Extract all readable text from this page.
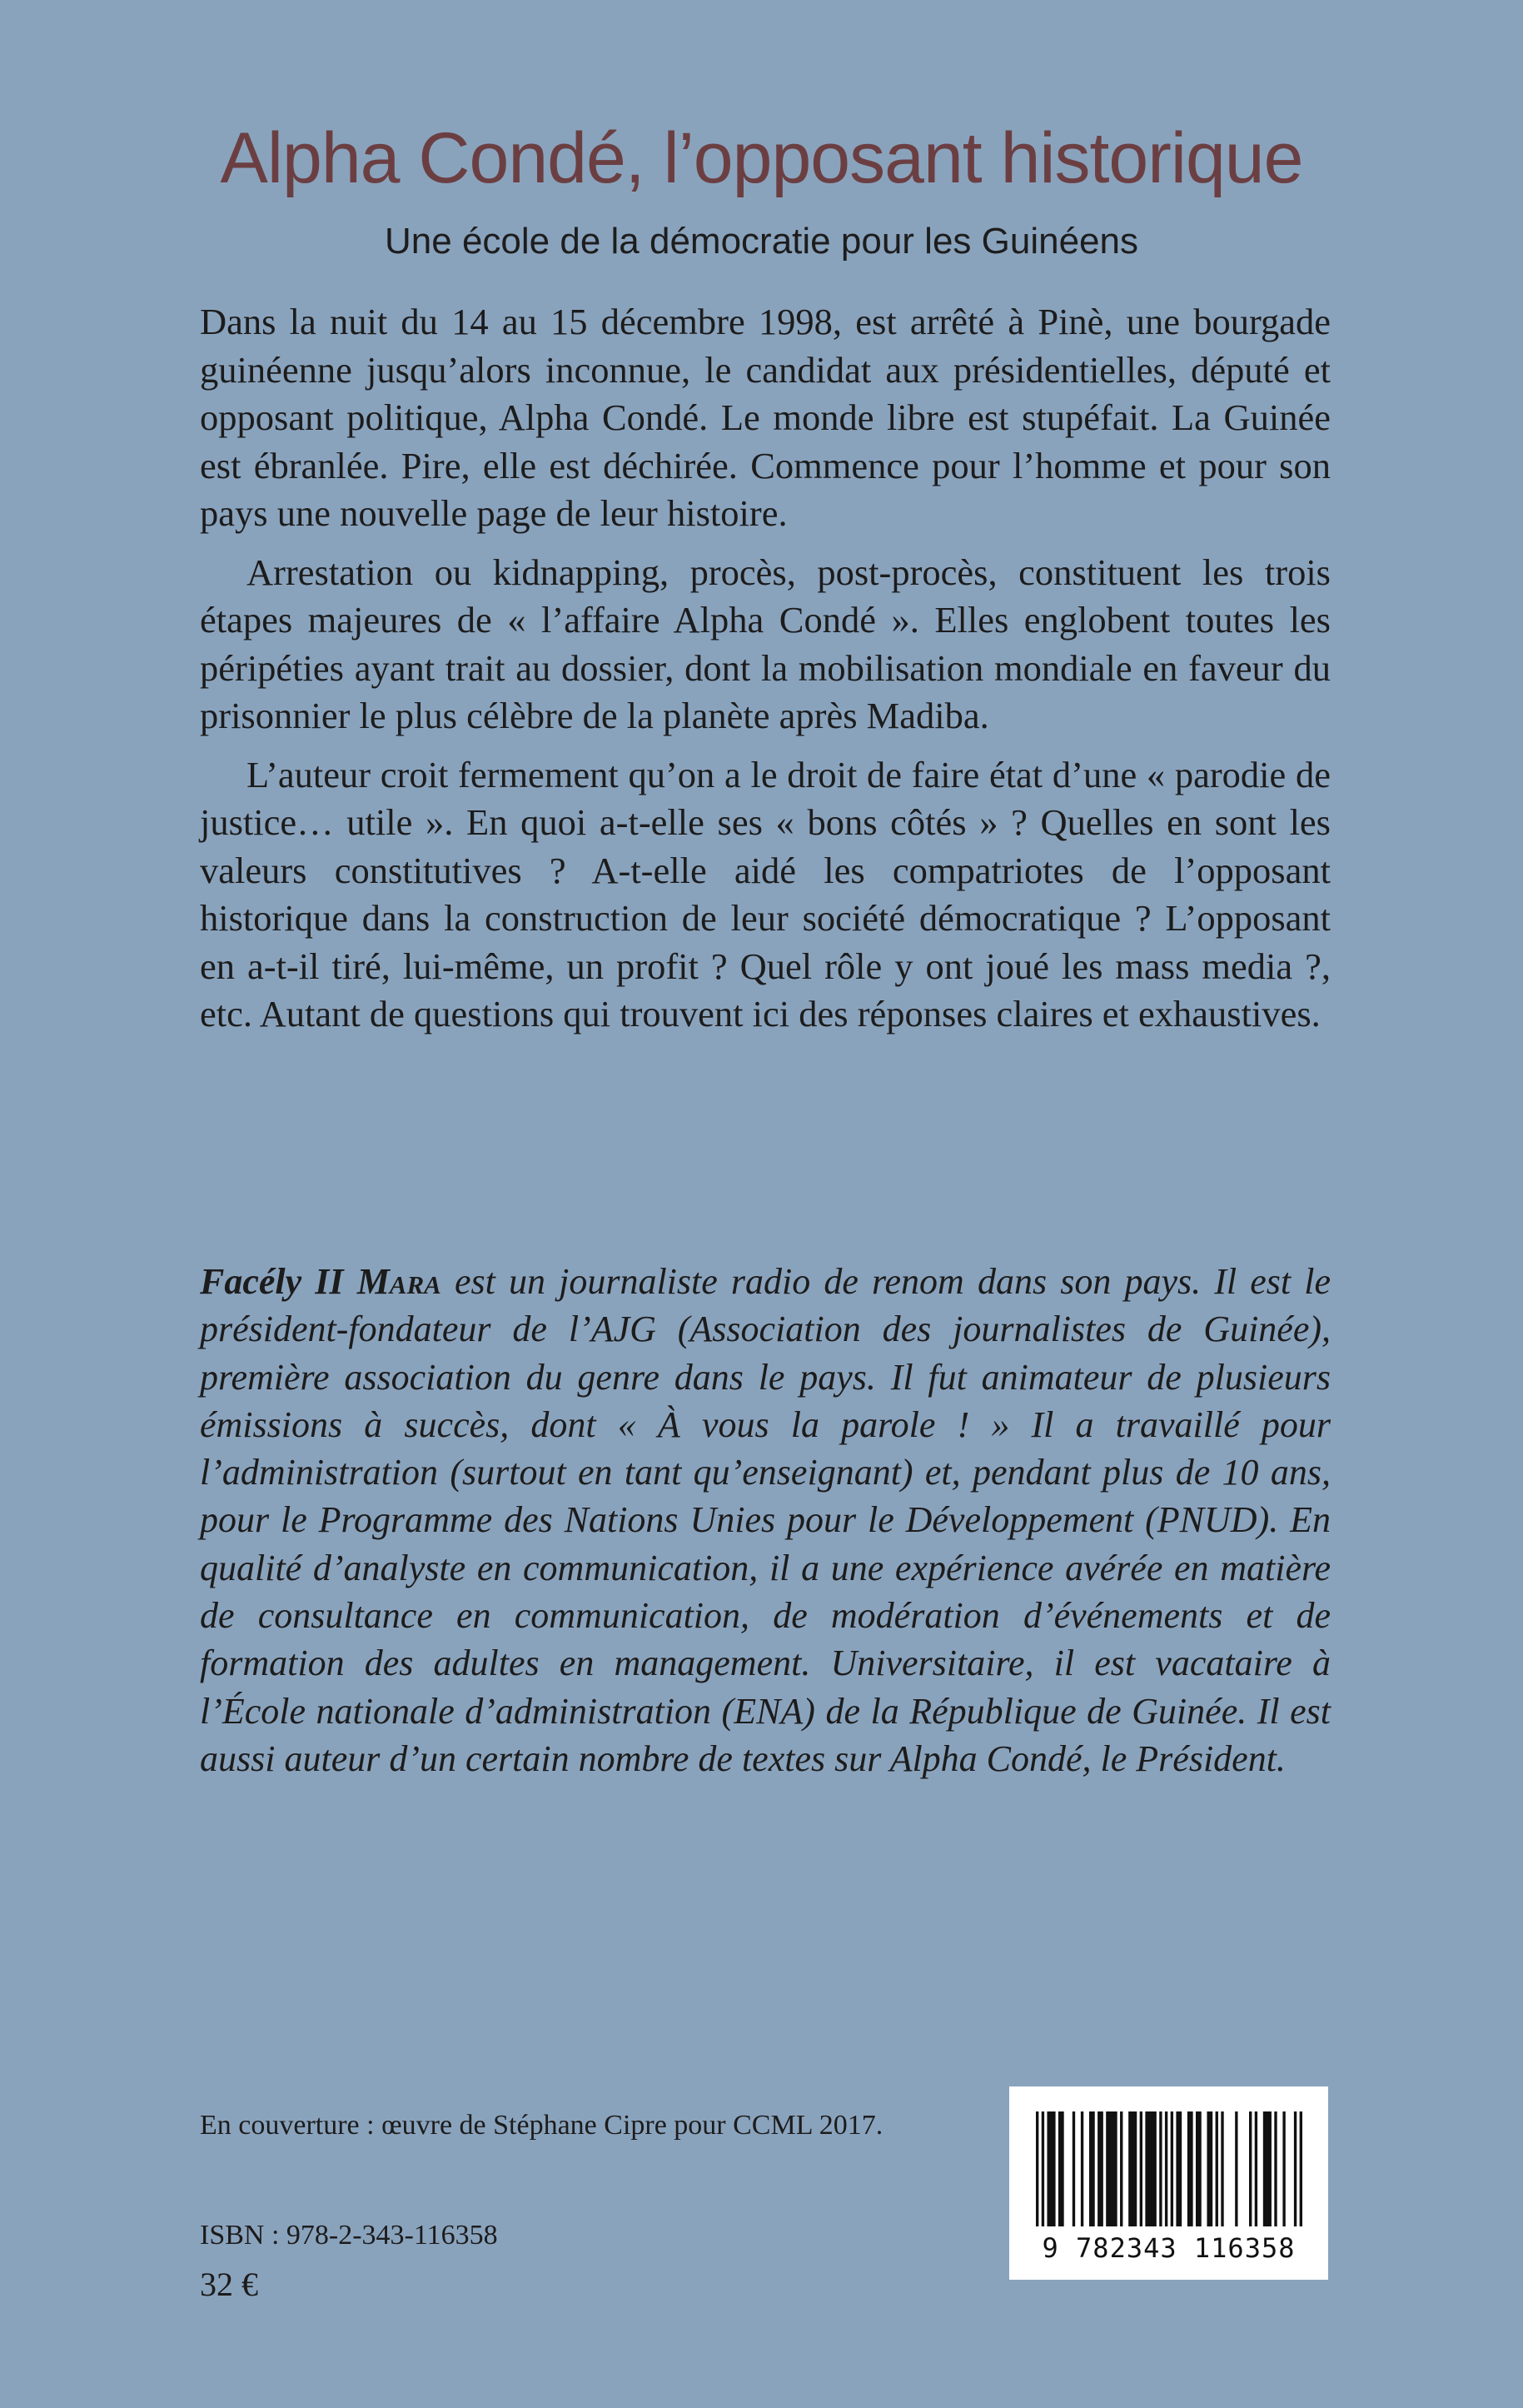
Alpha Condé, l’opposant historique
Une école de la démocratie pour les Guinéens

Dans la nuit du 14 au 15 décembre 1998, est arrêté à Pinè, une bourgade guinéenne jusqu’alors inconnue, le candidat aux présidentielles, député et opposant politique, Alpha Condé. Le monde libre est stupéfait. La Guinée est ébranlée. Pire, elle est déchirée. Commence pour l’homme et pour son pays une nouvelle page de leur histoire.

Arrestation ou kidnapping, procès, post-procès, constituent les trois étapes majeures de « l’affaire Alpha Condé ». Elles englobent toutes les péripéties ayant trait au dossier, dont la mobilisation mondiale en faveur du prisonnier le plus célèbre de la planète après Madiba.

L’auteur croit fermement qu’on a le droit de faire état d’une « parodie de justice… utile ». En quoi a-t-elle ses « bons côtés » ? Quelles en sont les valeurs constitutives ? A-t-elle aidé les compatriotes de l’opposant historique dans la construction de leur société démocratique ? L’opposant en a-t-il tiré, lui-même, un profit ? Quel rôle y ont joué les mass media ?, etc. Autant de questions qui trouvent ici des réponses claires et exhaustives.

Facély II Mara est un journaliste radio de renom dans son pays. Il est le président-fondateur de l’AJG (Association des journalistes de Guinée), première association du genre dans le pays. Il fut animateur de plusieurs émissions à succès, dont « À vous la parole ! » Il a travaillé pour l’administration (surtout en tant qu’enseignant) et, pendant plus de 10 ans, pour le Programme des Nations Unies pour le Développement (PNUD). En qualité d’analyste en communication, il a une expérience avérée en matière de consultance en communication, de modération d’événements et de formation des adultes en management. Universitaire, il est vacataire à l’École nationale d’administration (ENA) de la République de Guinée. Il est aussi auteur d’un certain nombre de textes sur Alpha Condé, le Président.

En couverture : œuvre de Stéphane Cipre pour CCML 2017.

ISBN : 978-2-343-116358

32 €

9 782343 116358
